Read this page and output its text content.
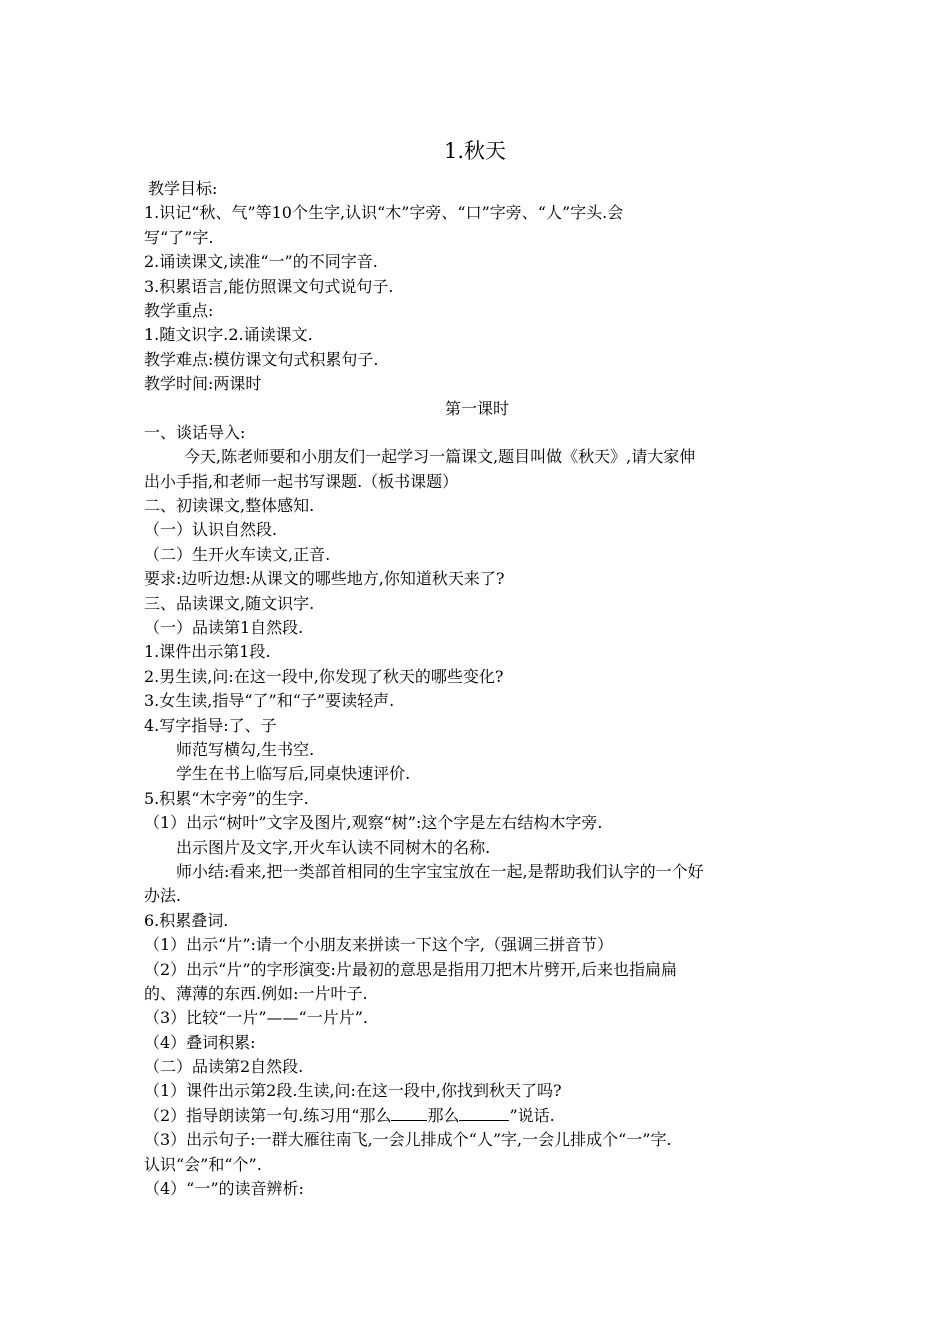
1.秋天
教学目标:
1.识记“秋、气”等10个生字,认识“木”字旁、“口”字旁、“人”字头.会
写“了”字.
2.诵读课文,读准“一”的不同字音.
3.积累语言,能仿照课文句式说句子.
教学重点:
1.随文识字.2.诵读课文.
教学难点:模仿课文句式积累句子.
教学时间:两课时
第一课时
一、谈话导入:
今天,陈老师要和小朋友们一起学习一篇课文,题目叫做《秋天》,请大家伸
出小手指,和老师一起书写课题.（板书课题）
二、初读课文,整体感知.
（一）认识自然段.
（二）生开火车读文,正音.
要求:边听边想:从课文的哪些地方,你知道秋天来了?
三、品读课文,随文识字.
（一）品读第1自然段.
1.课件出示第1段.
2.男生读,问:在这一段中,你发现了秋天的哪些变化?
3.女生读,指导“了”和“子”要读轻声.
4.写字指导:了、子
师范写横勾,生书空.
学生在书上临写后,同桌快速评价.
5.积累“木字旁”的生字.
（1）出示“树叶”文字及图片,观察“树”:这个字是左右结构木字旁.
出示图片及文字,开火车认读不同树木的名称.
师小结:看来,把一类部首相同的生字宝宝放在一起,是帮助我们认字的一个好
办法.
6.积累叠词.
（1）出示“片”:请一个小朋友来拼读一下这个字,（强调三拼音节）
（2）出示“片”的字形演变:片最初的意思是指用刀把木片劈开,后来也指扁扁
的、薄薄的东西.例如:一片叶子.
（3）比较“一片”——“一片片”.
（4）叠词积累:
（二）品读第2自然段.
（1）课件出示第2段.生读,问:在这一段中,你找到秋天了吗?
（2）指导朗读第一句.练习用“那么 那么	”说话.
（3）出示句子:一群大雁往南飞,一会儿排成个“人”字,一会儿排成个“一”字.
认识“会”和“个”.
（4）“一”的读音辨析:
